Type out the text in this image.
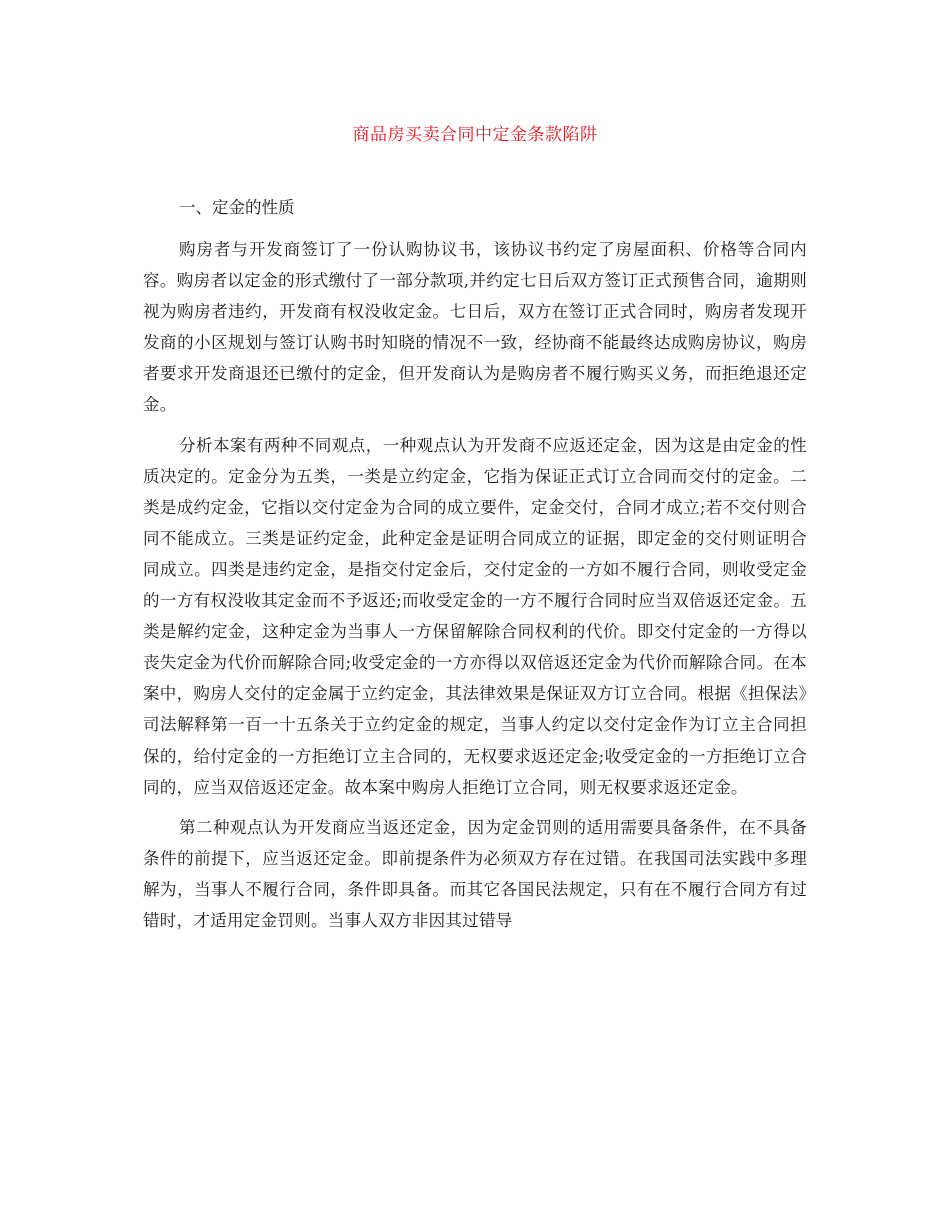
商品房买卖合同中定金条款陷阱

一、定金的性质

购房者与开发商签订了一份认购协议书，该协议书约定了房屋面积、价格等合同内容。购房者以定金的形式缴付了一部分款项,并约定七日后双方签订正式预售合同，逾期则视为购房者违约，开发商有权没收定金。七日后，双方在签订正式合同时，购房者发现开发商的小区规划与签订认购书时知晓的情况不一致，经协商不能最终达成购房协议，购房者要求开发商退还已缴付的定金，但开发商认为是购房者不履行购买义务，而拒绝退还定金。

分析本案有两种不同观点，一种观点认为开发商不应返还定金，因为这是由定金的性质决定的。定金分为五类，一类是立约定金，它指为保证正式订立合同而交付的定金。二类是成约定金，它指以交付定金为合同的成立要件，定金交付，合同才成立;若不交付则合同不能成立。三类是证约定金，此种定金是证明合同成立的证据，即定金的交付则证明合同成立。四类是违约定金，是指交付定金后，交付定金的一方如不履行合同，则收受定金的一方有权没收其定金而不予返还;而收受定金的一方不履行合同时应当双倍返还定金。五类是解约定金，这种定金为当事人一方保留解除合同权利的代价。即交付定金的一方得以丧失定金为代价而解除合同;收受定金的一方亦得以双倍返还定金为代价而解除合同。在本案中，购房人交付的定金属于立约定金，其法律效果是保证双方订立合同。根据《担保法》司法解释第一百一十五条关于立约定金的规定，当事人约定以交付定金作为订立主合同担保的，给付定金的一方拒绝订立主合同的，无权要求返还定金;收受定金的一方拒绝订立合同的，应当双倍返还定金。故本案中购房人拒绝订立合同，则无权要求返还定金。

第二种观点认为开发商应当返还定金，因为定金罚则的适用需要具备条件，在不具备条件的前提下，应当返还定金。即前提条件为必须双方存在过错。在我国司法实践中多理解为，当事人不履行合同，条件即具备。而其它各国民法规定，只有在不履行合同方有过错时，才适用定金罚则。当事人双方非因其过错导
